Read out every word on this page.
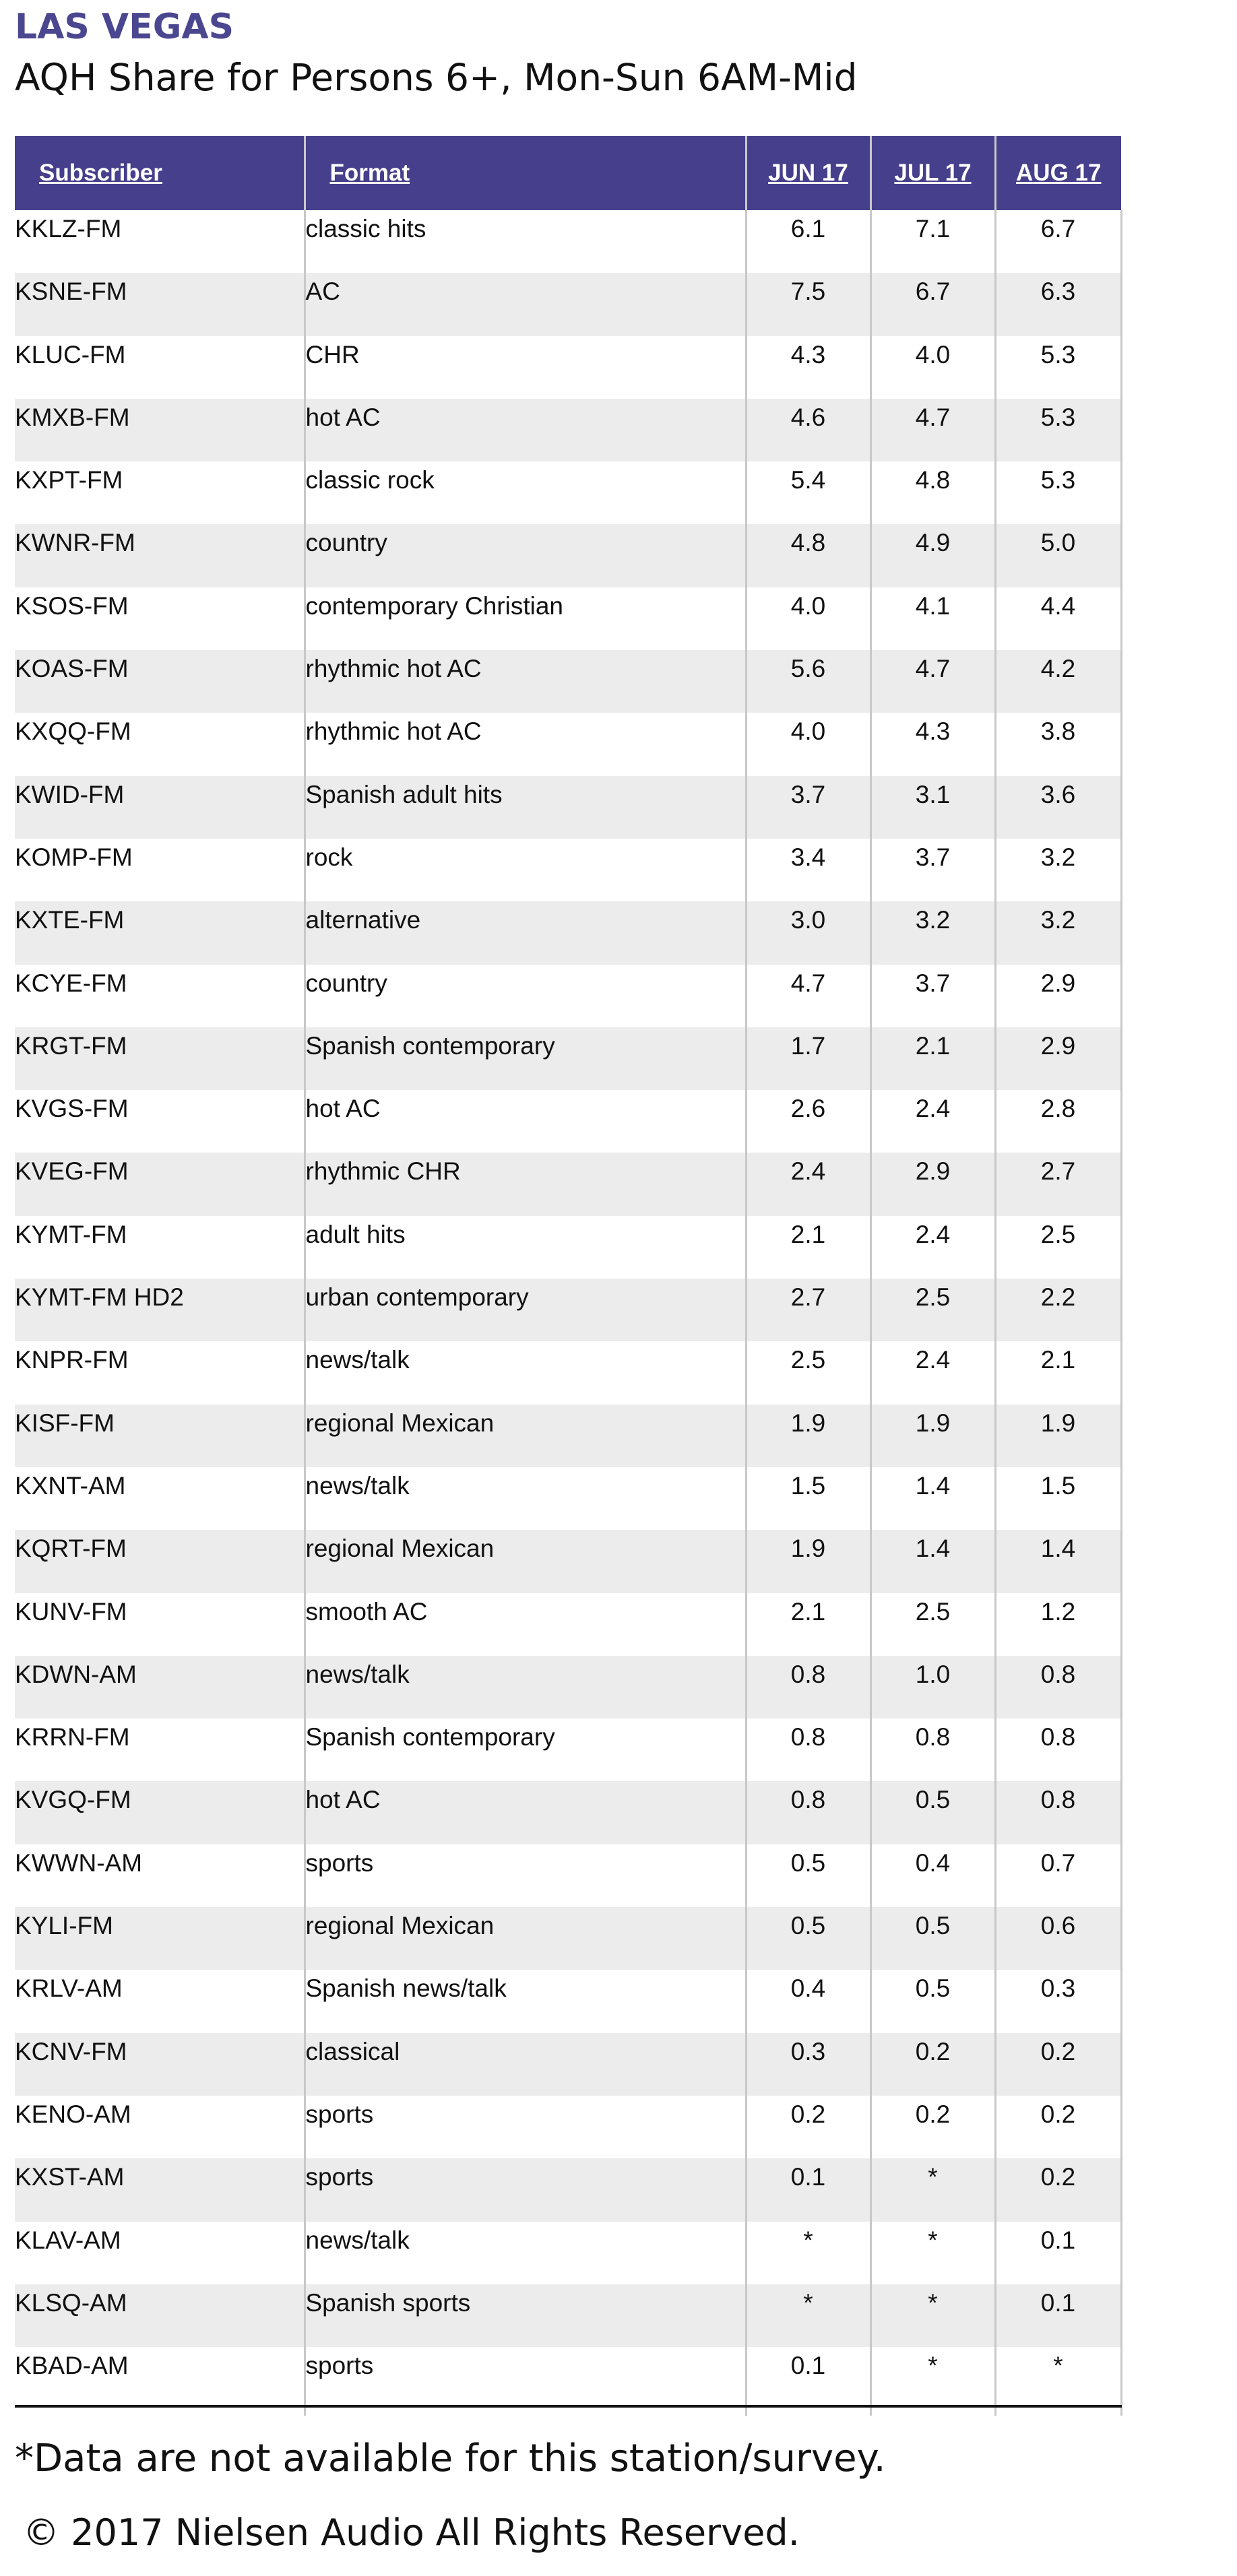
LAS VEGAS
AQH Share for Persons 6+, Mon-Sun 6AM-Mid
Subscriber	Format	JUN 17	JUL 17	AUG 17
KKLZ-FM	classic hits	6.1	7.1	6.7
KSNE-FM	AC	7.5	6.7	6.3
KLUC-FM	CHR	4.3	4.0	5.3
KMXB-FM	hot AC	4.6	4.7	5.3
KXPT-FM	classic rock	5.4	4.8	5.3
KWNR-FM	country	4.8	4.9	5.0
KSOS-FM	contemporary Christian	4.0	4.1	4.4
KOAS-FM	rhythmic hot AC	5.6	4.7	4.2
KXQQ-FM	rhythmic hot AC	4.0	4.3	3.8
KWID-FM	Spanish adult hits	3.7	3.1	3.6
KOMP-FM	rock	3.4	3.7	3.2
KXTE-FM	alternative	3.0	3.2	3.2
KCYE-FM	country	4.7	3.7	2.9
KRGT-FM	Spanish contemporary	1.7	2.1	2.9
KVGS-FM	hot AC	2.6	2.4	2.8
KVEG-FM	rhythmic CHR	2.4	2.9	2.7
KYMT-FM	adult hits	2.1	2.4	2.5
KYMT-FM HD2	urban contemporary	2.7	2.5	2.2
KNPR-FM	news/talk	2.5	2.4	2.1
KISF-FM	regional Mexican	1.9	1.9	1.9
KXNT-AM	news/talk	1.5	1.4	1.5
KQRT-FM	regional Mexican	1.9	1.4	1.4
KUNV-FM	smooth AC	2.1	2.5	1.2
KDWN-AM	news/talk	0.8	1.0	0.8
KRRN-FM	Spanish contemporary	0.8	0.8	0.8
KVGQ-FM	hot AC	0.8	0.5	0.8
KWWN-AM	sports	0.5	0.4	0.7
KYLI-FM	regional Mexican	0.5	0.5	0.6
KRLV-AM	Spanish news/talk	0.4	0.5	0.3
KCNV-FM	classical	0.3	0.2	0.2
KENO-AM	sports	0.2	0.2	0.2
KXST-AM	sports	0.1	*	0.2
KLAV-AM	news/talk	*	*	0.1
KLSQ-AM	Spanish sports	*	*	0.1
KBAD-AM	sports	0.1	*	*
*Data are not available for this station/survey.
© 2017 Nielsen Audio All Rights Reserved.
